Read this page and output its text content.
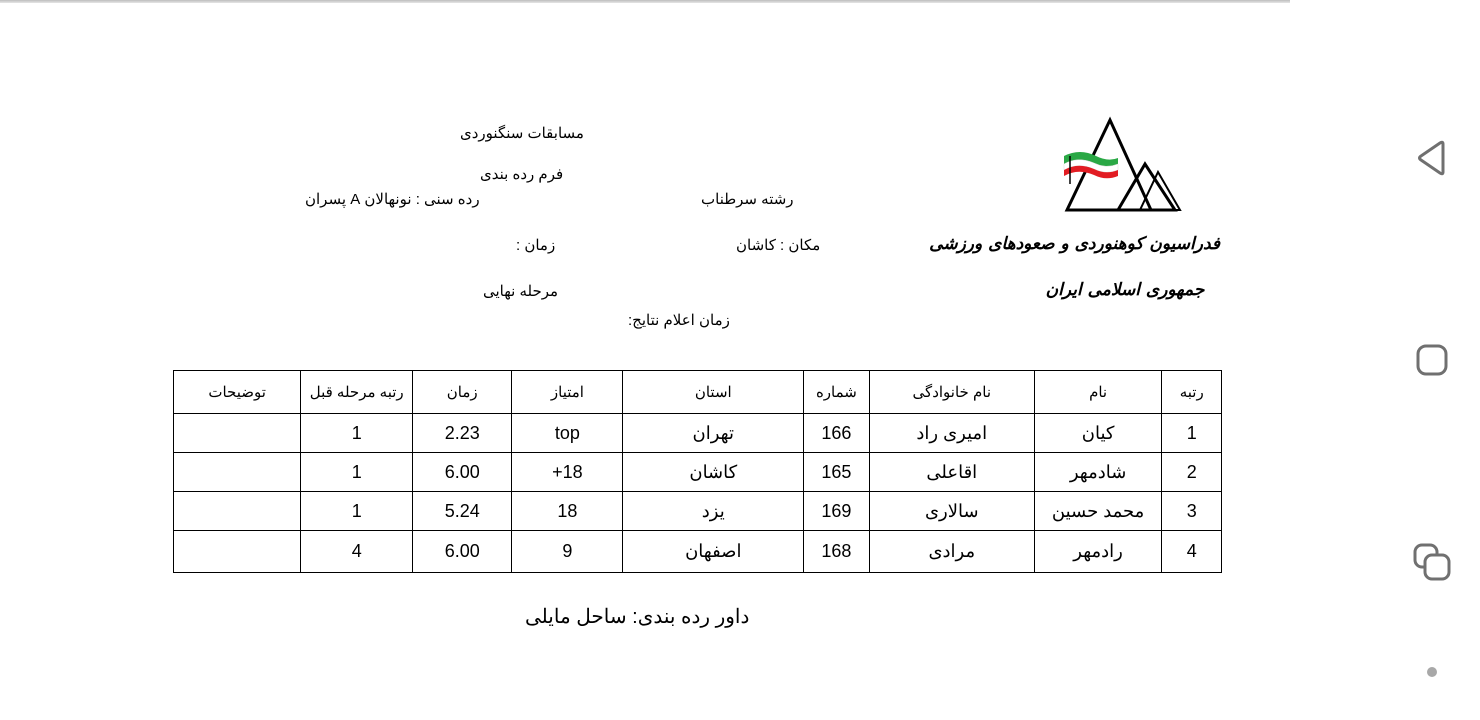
فدراسیون کوهنوردی و صعودهای ورزشی
جمهوری اسلامی ایران
مسابقات سنگنوردی
فرم رده بندی
رشته سرطناب
رده سنی : نونهالان A پسران
مکان : کاشان
زمان :
مرحله نهایی
زمان اعلام نتایج:
رتبه	نام	نام خانوادگی	شماره	استان	امتیاز	زمان	رتبه مرحله قبل	توضیحات
1	کیان	امیری راد	166	تهران	top	2.23	1	
2	شادمهر	اقاعلی	165	کاشان	18+	6.00	1	
3	محمد حسین	سالاری	169	یزد	18	5.24	1	
4	رادمهر	مرادی	168	اصفهان	9	6.00	4	
داور رده بندی: ساحل مایلی
